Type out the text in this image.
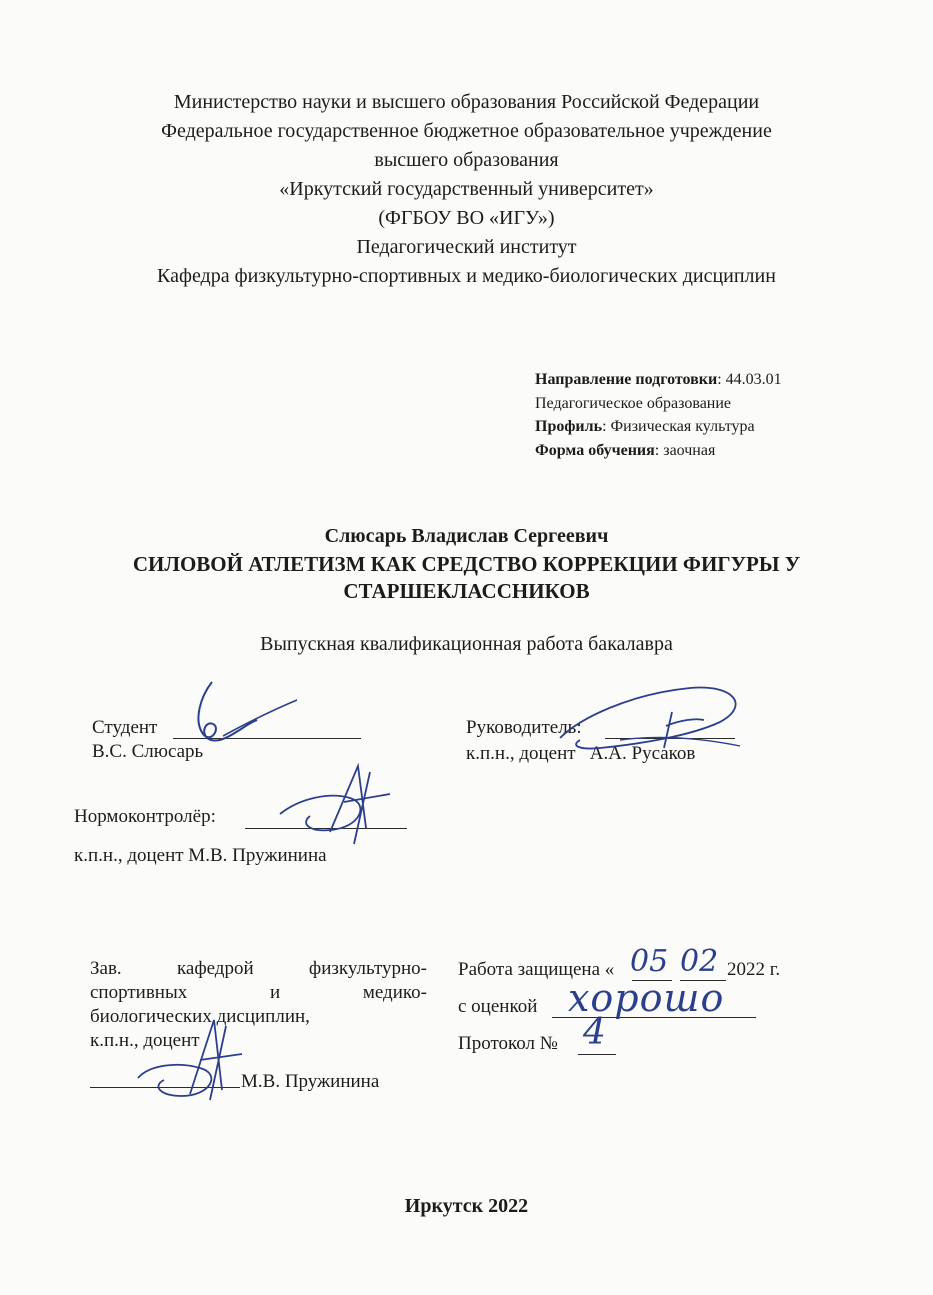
Министерство науки и высшего образования Российской Федерации
Федеральное государственное бюджетное образовательное учреждение
высшего образования
«Иркутский государственный университет»
(ФГБОУ ВО «ИГУ»)
Педагогический институт
Кафедра физкультурно-спортивных и медико-биологических дисциплин
Направление подготовки: 44.03.01
Педагогическое образование
Профиль: Физическая культура
Форма обучения: заочная
Слюсарь Владислав Сергеевич
СИЛОВОЙ АТЛЕТИЗМ КАК СРЕДСТВО КОРРЕКЦИИ ФИГУРЫ У
СТАРШЕКЛАССНИКОВ
Выпускная квалификационная работа бакалавра
Студент
В.С. Слюсарь
Руководитель:
к.п.н., доцент   А.А. Русаков
Нормоконтролёр:
к.п.н., доцент М.В. Пружинина
Зав.	кафедрой	физкультурно-
спортивных	и	медико-
биологических дисциплин,
к.п.н., доцент
М.В. Пружинина
Работа защищена « 05 02 2022 г.
с оценкой хорошо
Протокол № 4
Иркутск 2022
